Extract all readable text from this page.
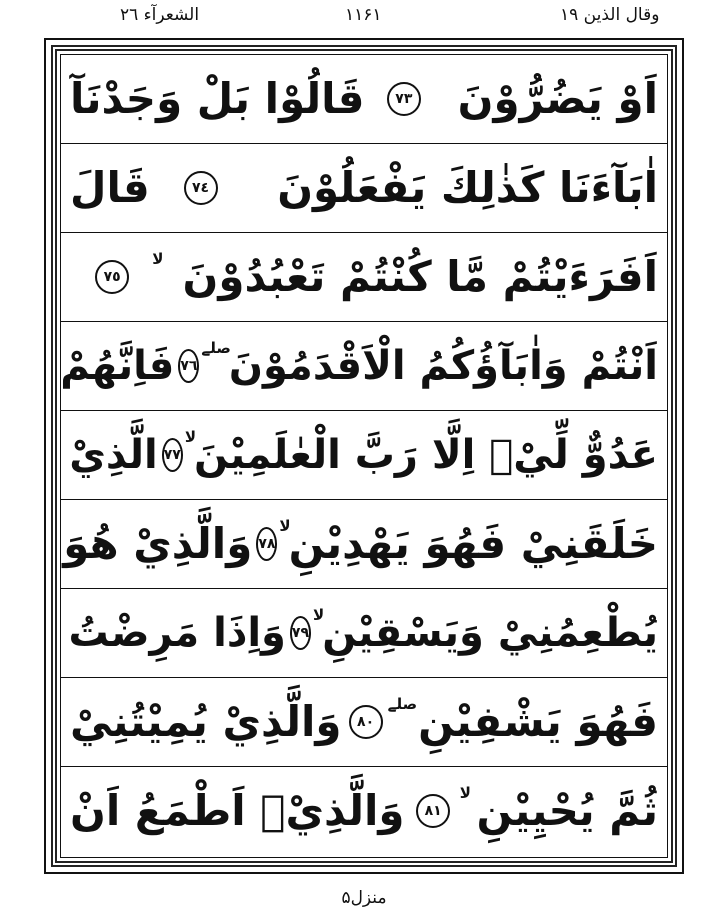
الشعرآء ٢٦	۱۱۶۱	وقال الذین ١٩
اَوْ يَضُرُّوْنَ
٧٣
قَالُوْا بَلْ وَجَدْنَآ
اٰبَآءَنَا كَذٰلِكَ يَفْعَلُوْنَ
٧٤
قَالَ
اَفَرَءَيْتُمْ مَّا كُنْتُمْ تَعْبُدُوْنَ
لا
٧٥
اَنْتُمْ وَاٰبَآؤُكُمُ الْاَقْدَمُوْنَ
صلے
٧٦
فَاِنَّهُمْ
عَدُوٌّ لِّيْۤ اِلَّا رَبَّ الْعٰلَمِيْنَ
لا
٧٧
الَّذِيْ
خَلَقَنِيْ فَهُوَ يَهْدِيْنِ
لا
٧٨
وَالَّذِيْ هُوَ
يُطْعِمُنِيْ وَيَسْقِيْنِ
لا
٧٩
وَاِذَا مَرِضْتُ
فَهُوَ يَشْفِيْنِ
صلے
٨٠
وَالَّذِيْ يُمِيْتُنِيْ
ثُمَّ يُحْيِيْنِ
لا
٨١
وَالَّذِيْۤ اَطْمَعُ اَنْ
منزل۵
